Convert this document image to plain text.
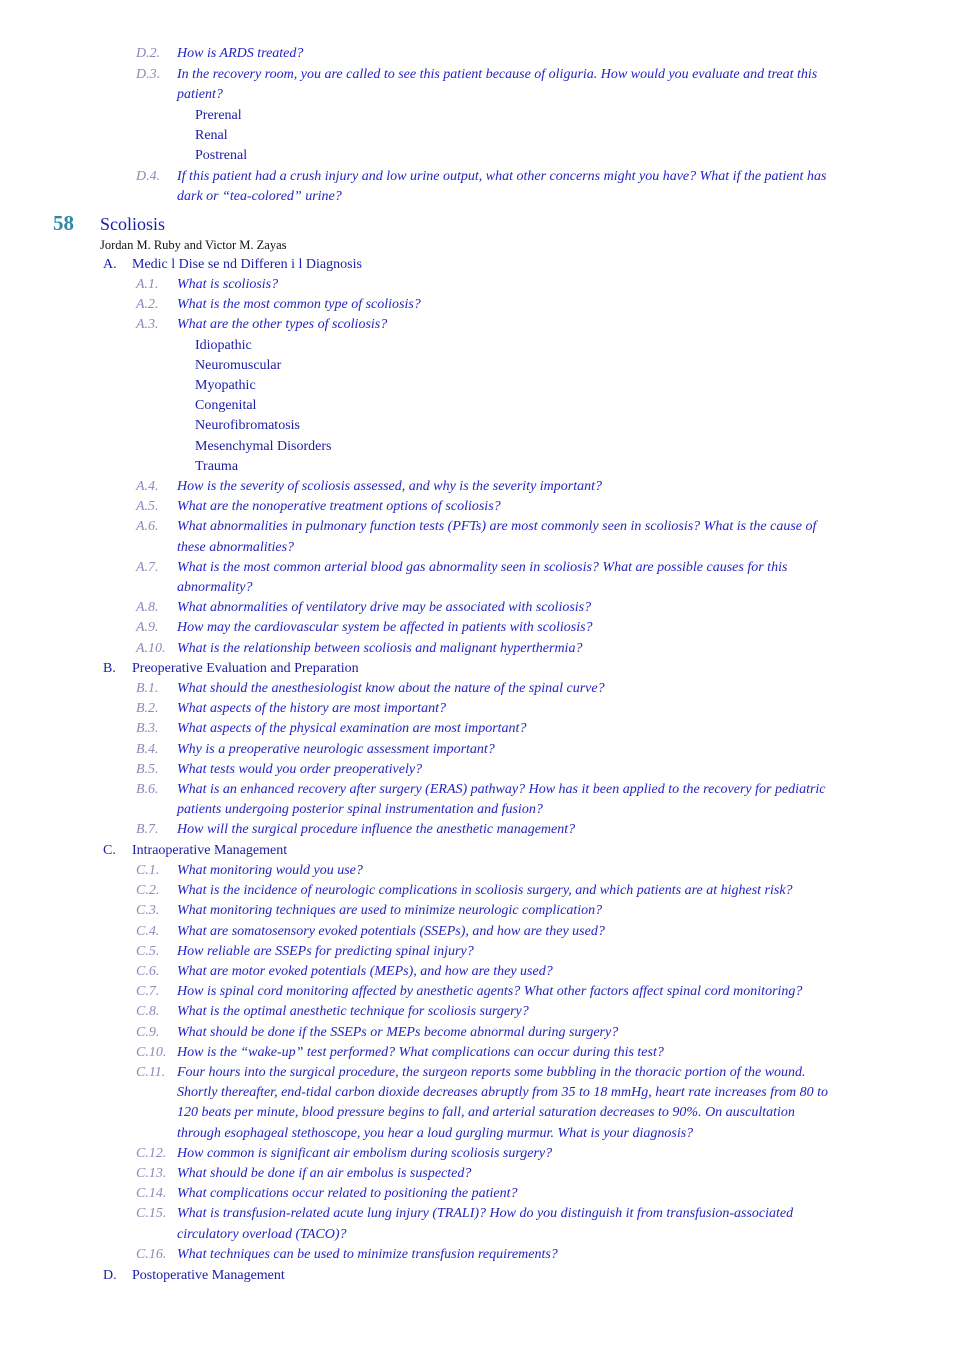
D.2. How is ARDS treated?
D.3. In the recovery room, you are called to see this patient because of oliguria. How would you evaluate and treat this
patient?
Prerenal
Renal
Postrenal
D.4. If this patient had a crush injury and low urine output, what other concerns might you have? What if the patient has
dark or “tea-colored” urine?
58 Scoliosis
Jordan M. Ruby and Victor M. Zayas
A. Medic l Dise se nd Differen i l Diagnosis
A.1. What is scoliosis?
A.2. What is the most common type of scoliosis?
A.3. What are the other types of scoliosis?
Idiopathic
Neuromuscular
Myopathic
Congenital
Neurofibromatosis
Mesenchymal Disorders
Trauma
A.4. How is the severity of scoliosis assessed, and why is the severity important?
A.5. What are the nonoperative treatment options of scoliosis?
A.6. What abnormalities in pulmonary function tests (PFTs) are most commonly seen in scoliosis? What is the cause of
these abnormalities?
A.7. What is the most common arterial blood gas abnormality seen in scoliosis? What are possible causes for this
abnormality?
A.8. What abnormalities of ventilatory drive may be associated with scoliosis?
A.9. How may the cardiovascular system be affected in patients with scoliosis?
A.10. What is the relationship between scoliosis and malignant hyperthermia?
B. Preoperative Evaluation and Preparation
B.1. What should the anesthesiologist know about the nature of the spinal curve?
B.2. What aspects of the history are most important?
B.3. What aspects of the physical examination are most important?
B.4. Why is a preoperative neurologic assessment important?
B.5. What tests would you order preoperatively?
B.6. What is an enhanced recovery after surgery (ERAS) pathway? How has it been applied to the recovery for pediatric
patients undergoing posterior spinal instrumentation and fusion?
B.7. How will the surgical procedure influence the anesthetic management?
C. Intraoperative Management
C.1. What monitoring would you use?
C.2. What is the incidence of neurologic complications in scoliosis surgery, and which patients are at highest risk?
C.3. What monitoring techniques are used to minimize neurologic complication?
C.4. What are somatosensory evoked potentials (SSEPs), and how are they used?
C.5. How reliable are SSEPs for predicting spinal injury?
C.6. What are motor evoked potentials (MEPs), and how are they used?
C.7. How is spinal cord monitoring affected by anesthetic agents? What other factors affect spinal cord monitoring?
C.8. What is the optimal anesthetic technique for scoliosis surgery?
C.9. What should be done if the SSEPs or MEPs become abnormal during surgery?
C.10. How is the “wake-up” test performed? What complications can occur during this test?
C.11. Four hours into the surgical procedure, the surgeon reports some bubbling in the thoracic portion of the wound.
Shortly thereafter, end-tidal carbon dioxide decreases abruptly from 35 to 18 mmHg, heart rate increases from 80 to
120 beats per minute, blood pressure begins to fall, and arterial saturation decreases to 90%. On auscultation
through esophageal stethoscope, you hear a loud gurgling murmur. What is your diagnosis?
C.12. How common is significant air embolism during scoliosis surgery?
C.13. What should be done if an air embolus is suspected?
C.14. What complications occur related to positioning the patient?
C.15. What is transfusion-related acute lung injury (TRALI)? How do you distinguish it from transfusion-associated
circulatory overload (TACO)?
C.16. What techniques can be used to minimize transfusion requirements?
D. Postoperative Management
